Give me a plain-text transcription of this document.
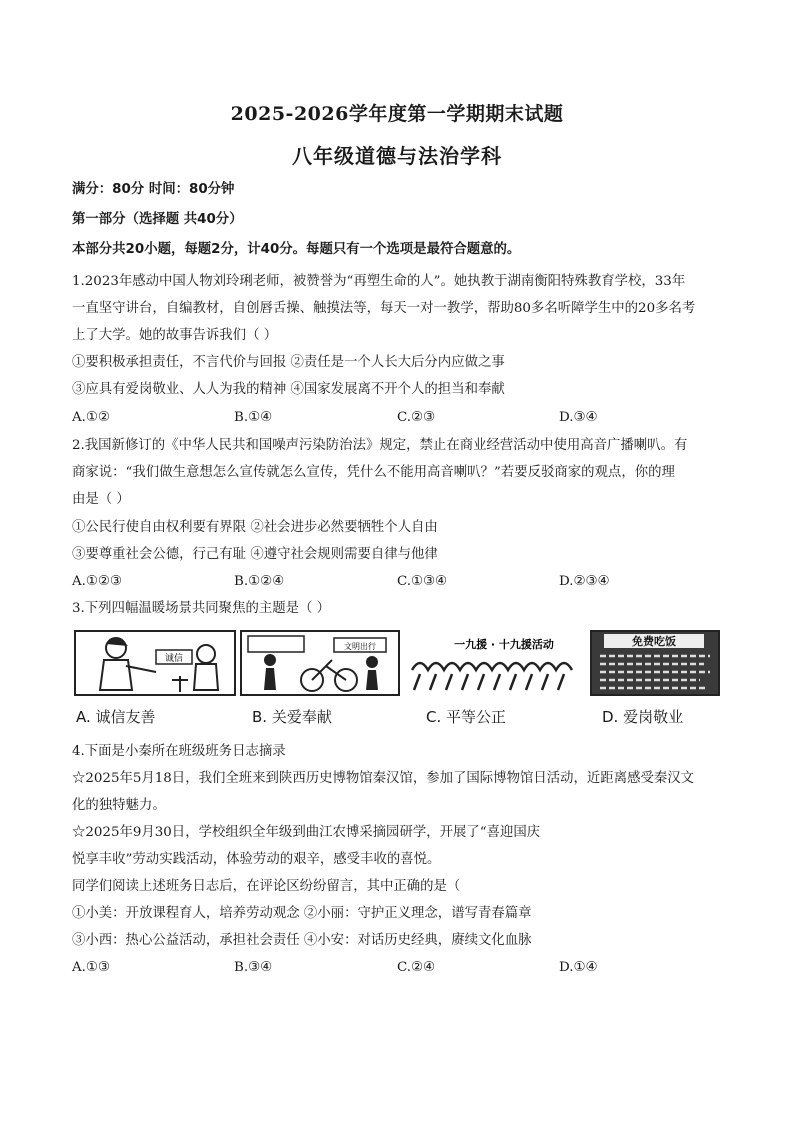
2025-2026学年度第一学期期末试题
八年级道德与法治学科
满分：80分 时间：80分钟
第一部分（选择题 共40分）
本部分共20小题，每题2分，计40分。每题只有一个选项是最符合题意的。
1.2023年感动中国人物刘玲琍老师，被赞誉为“再塑生命的人”。她执教于湖南衡阳特殊教育学校，33年
一直坚守讲台，自编教材，自创唇舌操、触摸法等，每天一对一教学，帮助80多名听障学生中的20多名考
上了大学。她的故事告诉我们（ ）
①要积极承担责任，不言代价与回报 ②责任是一个人长大后分内应做之事
③应具有爱岗敬业、人人为我的精神 ④国家发展离不开个人的担当和奉献
A.①②	B.①④	C.②③	D.③④
2.我国新修订的《中华人民共和国噪声污染防治法》规定，禁止在商业经营活动中使用高音广播喇叭。有
商家说：“我们做生意想怎么宣传就怎么宣传，凭什么不能用高音喇叭？”若要反驳商家的观点，你的理
由是（ ）
①公民行使自由权利要有界限 ②社会进步必然要牺牲个人自由
③要尊重社会公德，行己有耻 ④遵守社会规则需要自律与他律
A.①②③	B.①②④	C.①③④	D.②③④
3.下列四幅温暖场景共同聚焦的主题是（ ）
诚信
文明出行	一九援 · 十九援活动	免费吃饭
A. 诚信友善	B. 关爱奉献	C. 平等公正	D. 爱岗敬业
4.下面是小秦所在班级班务日志摘录
☆2025年5月18日，我们全班来到陕西历史博物馆秦汉馆，参加了国际博物馆日活动，近距离感受秦汉文
化的独特魅力。
☆2025年9月30日，学校组织全年级到曲江农博采摘园研学，开展了“喜迎国庆
悦享丰收”劳动实践活动，体验劳动的艰辛，感受丰收的喜悦。
同学们阅读上述班务日志后，在评论区纷纷留言，其中正确的是（
①小美：开放课程育人，培养劳动观念 ②小丽：守护正义理念，谱写青春篇章
③小西：热心公益活动，承担社会责任 ④小安：对话历史经典，赓续文化血脉
A.①③	B.③④	C.②④	D.①④
